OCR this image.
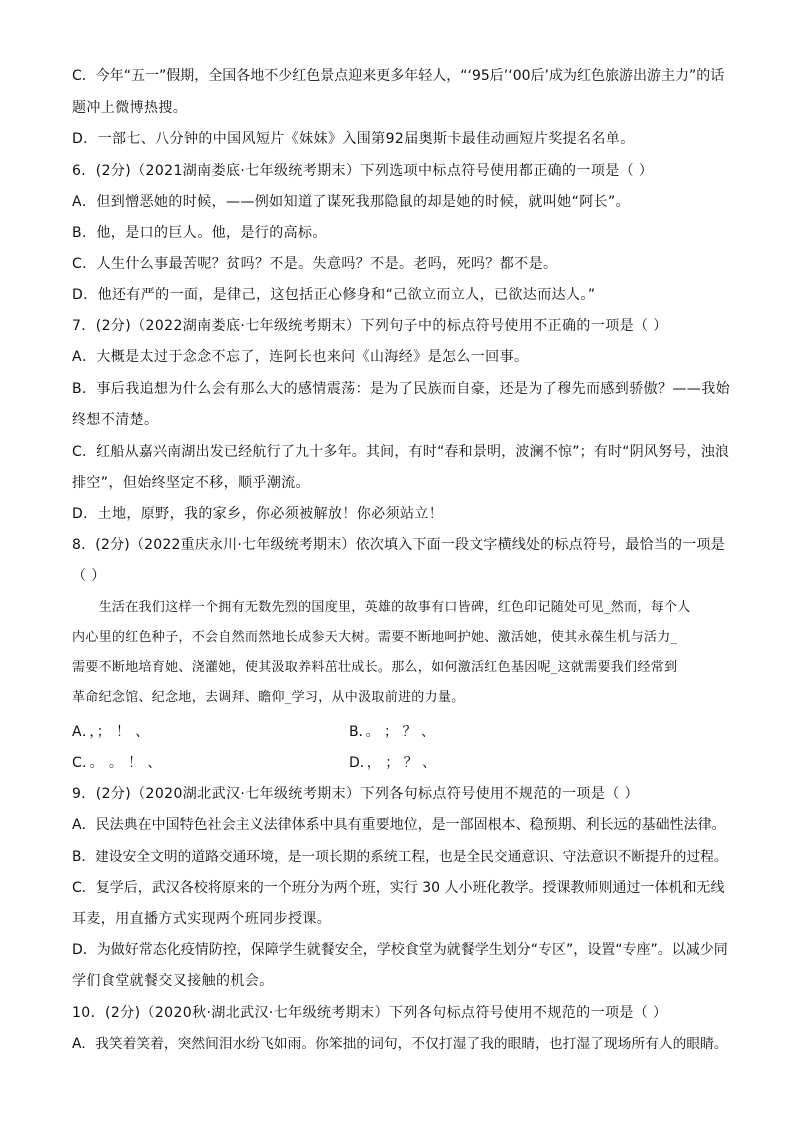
C．今年“五一”假期，全国各地不少红色景点迎来更多年轻人，“‘95后’‘00后’成为红色旅游出游主力”的话
题冲上微博热搜。
D．一部七、八分钟的中国风短片《妹妹》入围第92届奥斯卡最佳动画短片奖提名名单。
6．(2分)（2021湖南娄底·七年级统考期末）下列选项中标点符号使用都正确的一项是（ ）
A．但到憎恶她的时候，——例如知道了谋死我那隐鼠的却是她的时候，就叫她“阿长”。
B．他，是口的巨人。他，是行的高标。
C．人生什么事最苦呢？贫吗？不是。失意吗？不是。老吗，死吗？都不是。
D．他还有严的一面，是律己，这包括正心修身和“己欲立而立人，已欲达而达人。”
7．(2分)（2022湖南娄底·七年级统考期末）下列句子中的标点符号使用不正确的一项是（ ）
A．大概是太过于念念不忘了，连阿长也来问《山海经》是怎么一回事。
B．事后我追想为什么会有那么大的感情震荡：是为了民族而自豪，还是为了穆先而感到骄傲？——我始
终想不清楚。
C．红船从嘉兴南湖出发已经航行了九十多年。其间，有时“春和景明，波澜不惊”；有时“阴风努号，浊浪
排空”，但始终坚定不移，顺乎潮流。
D．土地，原野，我的家乡，你必须被解放！你必须站立！
8．(2分)（2022重庆永川·七年级统考期末）依次填入下面一段文字横线处的标点符号，最恰当的一项是
（ ）
　　生活在我们这样一个拥有无数先烈的国度里，英雄的故事有口皆碑，红色印记随处可见_然而，每个人
内心里的红色种子，不会自然而然地长成参天大树。需要不断地呵护她、激活她，使其永葆生机与活力_
需要不断地培育她、浇灌她，使其汲取养料茁壮成长。那么，如何激活红色基因呢_这就需要我们经常到
革命纪念馆、纪念地，去调拜、瞻仰_学习，从中汲取前进的力量。
A．，； ！ 、	B．。 ； ？ 、
C．。 。 ！ 、	D．， ； ？ 、
9．(2分)（2020湖北武汉·七年级统考期末）下列各句标点符号使用不规范的一项是（ ）
A．民法典在中国特色社会主义法律体系中具有重要地位，是一部固根本、稳预期、利长远的基础性法律。
B．建设安全文明的道路交通环境，是一项长期的系统工程，也是全民交通意识、守法意识不断提升的过程。
C．复学后，武汉各校将原来的一个班分为两个班，实行 30 人小班化教学。授课教师则通过一体机和无线
耳麦，用直播方式实现两个班同步授课。
D．为做好常态化疫情防控，保障学生就餐安全，学校食堂为就餐学生划分“专区”，设置“专座”。以减少同
学们食堂就餐交叉接触的机会。
10．(2分)（2020秋·湖北武汉·七年级统考期末）下列各句标点符号使用不规范的一项是（ ）
A．我笑着笑着，突然间泪水纷飞如雨。你笨拙的词句，不仅打湿了我的眼睛，也打湿了现场所有人的眼睛。
